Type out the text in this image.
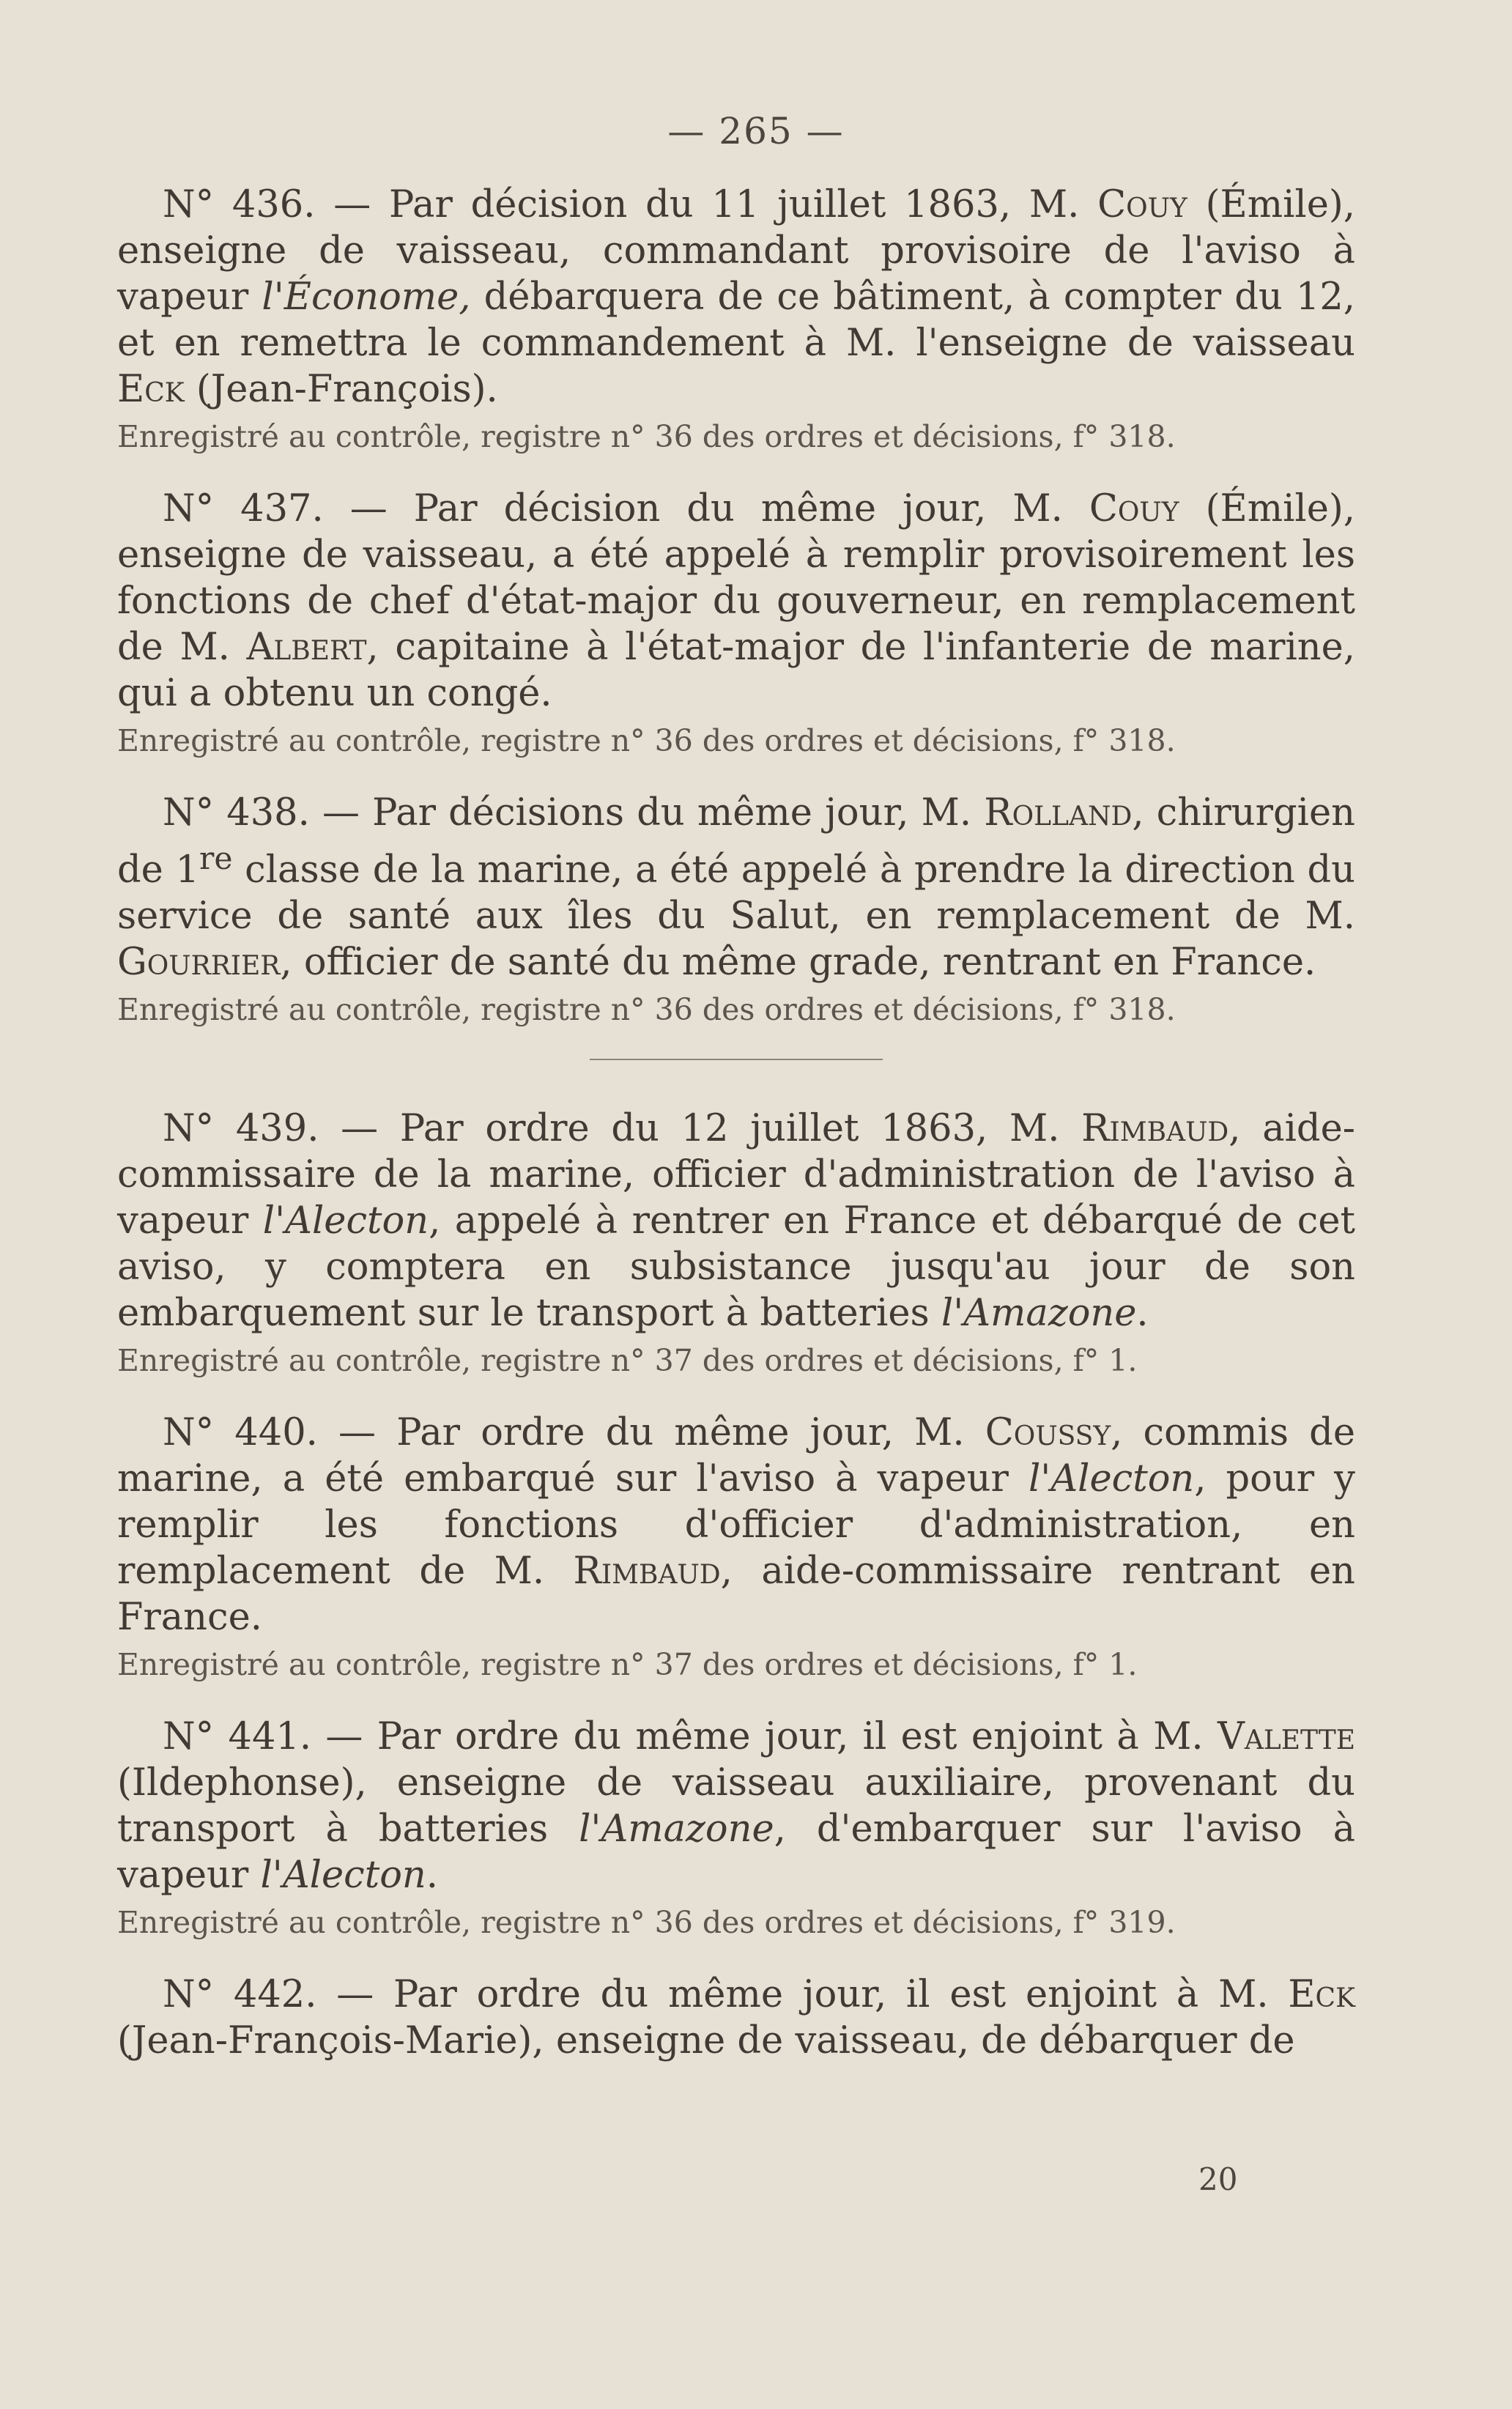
— 265 —

N° 436. — Par décision du 11 juillet 1863, M. Couy (Émile), enseigne de vaisseau, commandant provisoire de l'aviso à vapeur l'Économe, débarquera de ce bâtiment, à compter du 12, et en remettra le commandement à M. l'enseigne de vaisseau Eck (Jean-François).

Enregistré au contrôle, registre n° 36 des ordres et décisions, f° 318.

N° 437. — Par décision du même jour, M. Couy (Émile), enseigne de vaisseau, a été appelé à remplir provisoirement les fonctions de chef d'état-major du gouverneur, en remplacement de M. Albert, capitaine à l'état-major de l'infanterie de marine, qui a obtenu un congé.

Enregistré au contrôle, registre n° 36 des ordres et décisions, f° 318.

N° 438. — Par décisions du même jour, M. Rolland, chirurgien de 1re classe de la marine, a été appelé à prendre la direction du service de santé aux îles du Salut, en remplacement de M. Gourrier, officier de santé du même grade, rentrant en France.

Enregistré au contrôle, registre n° 36 des ordres et décisions, f° 318.

N° 439. — Par ordre du 12 juillet 1863, M. Rimbaud, aide-commissaire de la marine, officier d'administration de l'aviso à vapeur l'Alecton, appelé à rentrer en France et débarqué de cet aviso, y comptera en subsistance jusqu'au jour de son embarquement sur le transport à batteries l'Amazone.

Enregistré au contrôle, registre n° 37 des ordres et décisions, f° 1.

N° 440. — Par ordre du même jour, M. Coussy, commis de marine, a été embarqué sur l'aviso à vapeur l'Alecton, pour y remplir les fonctions d'officier d'administration, en remplacement de M. Rimbaud, aide-commissaire rentrant en France.

Enregistré au contrôle, registre n° 37 des ordres et décisions, f° 1.

N° 441. — Par ordre du même jour, il est enjoint à M. Valette (Ildephonse), enseigne de vaisseau auxiliaire, provenant du transport à batteries l'Amazone, d'embarquer sur l'aviso à vapeur l'Alecton.

Enregistré au contrôle, registre n° 36 des ordres et décisions, f° 319.

N° 442. — Par ordre du même jour, il est enjoint à M. Eck (Jean-François-Marie), enseigne de vaisseau, de débarquer de

20
